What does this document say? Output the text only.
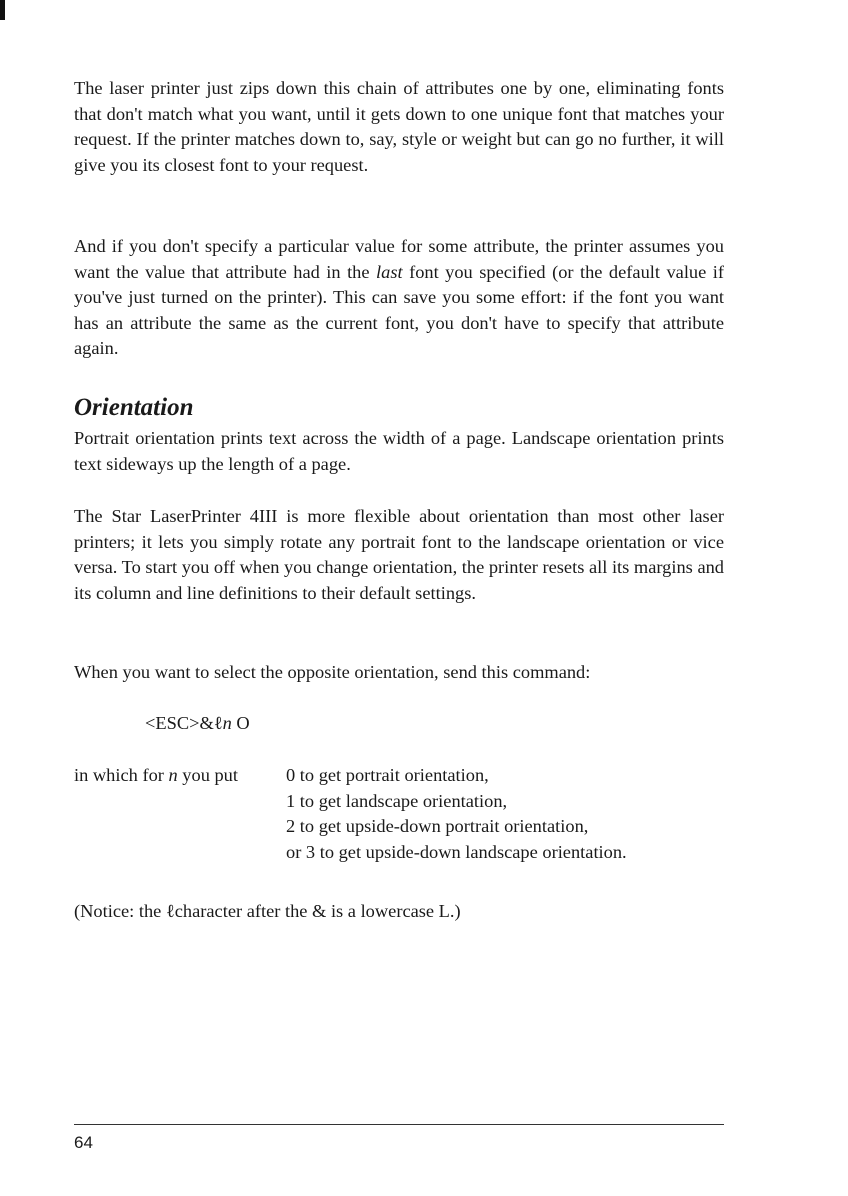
The laser printer just zips down this chain of attributes one by one, eliminating fonts that don't match what you want, until it gets down to one unique font that matches your request. If the printer matches down to, say, style or weight but can go no further, it will give you its closest font to your request.

And if you don't specify a particular value for some attribute, the printer assumes you want the value that attribute had in the last font you specified (or the default value if you've just turned on the printer). This can save you some effort: if the font you want has an attribute the same as the current font, you don't have to specify that attribute again.

Orientation

Portrait orientation prints text across the width of a page. Landscape orientation prints text sideways up the length of a page.

The Star LaserPrinter 4III is more flexible about orientation than most other laser printers; it lets you simply rotate any portrait font to the landscape orientation or vice versa. To start you off when you change orientation, the printer resets all its margins and its column and line definitions to their default settings.

When you want to select the opposite orientation, send this command:

<ESC>&ℓn O
in which for n you put	0 to get portrait orientation,
1 to get landscape orientation,
2 to get upside-down portrait orientation,
or 3 to get upside-down landscape orientation.
(Notice: the ℓcharacter after the & is a lowercase L.)
64
